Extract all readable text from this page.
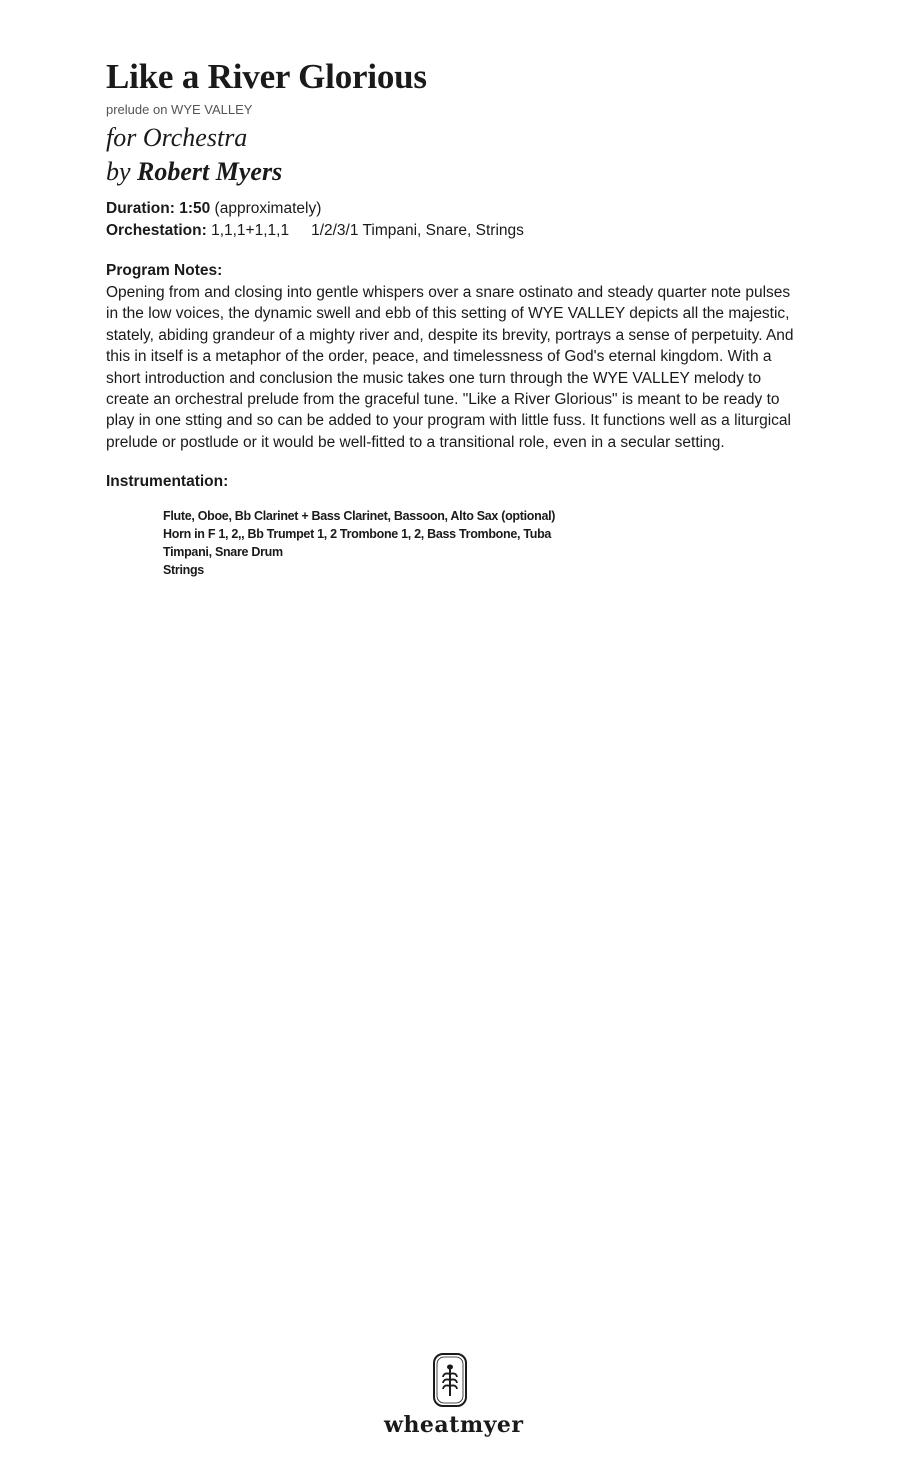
Like a River Glorious
prelude on WYE VALLEY
for Orchestra
by Robert Myers
Duration: 1:50 (approximately)
Orchestation: 1,1,1+1,1,1 1/2/3/1 Timpani, Snare, Strings
Program Notes:

Opening from and closing into gentle whispers over a snare ostinato and steady quarter note pulses in the low voices, the dynamic swell and ebb of this setting of WYE VALLEY depicts all the majestic, stately, abiding grandeur of a mighty river and, despite its brevity, portrays a sense of perpetuity. And this in itself is a metaphor of the order, peace, and timelessness of God's eternal kingdom. With a short introduction and conclusion the music takes one turn through the WYE VALLEY melody to create an orchestral prelude from the graceful tune. "Like a River Glorious" is meant to be ready to play in one stting and so can be added to your program with little fuss. It functions well as a liturgical prelude or postlude or it would be well-fitted to a transitional role, even in a secular setting.

Instrumentation:
Flute, Oboe, Bb Clarinet + Bass Clarinet, Bassoon, Alto Sax (optional)
Horn in F 1, 2,, Bb Trumpet 1, 2 Trombone 1, 2, Bass Trombone, Tuba
Timpani, Snare Drum
Strings
wheatmyer
